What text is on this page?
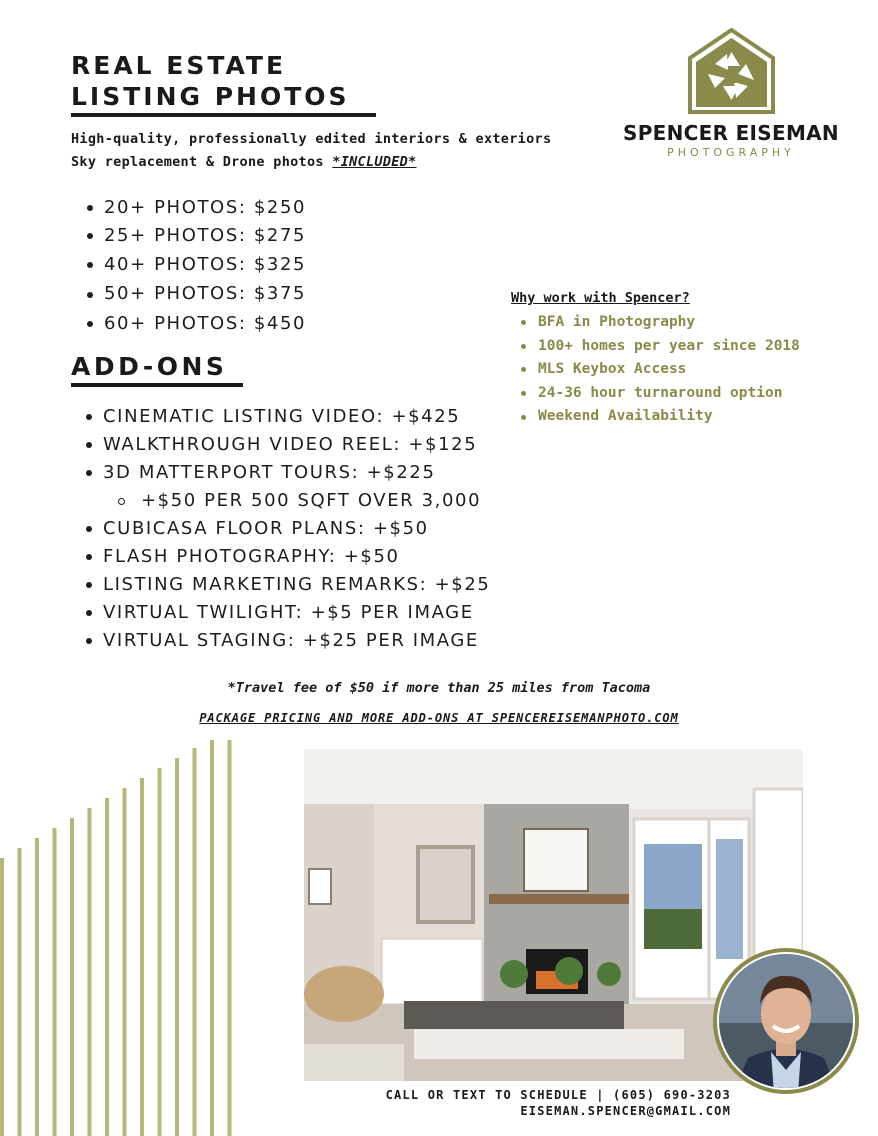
REAL ESTATE
LISTING PHOTOS
High-quality, professionally edited interiors & exteriors
Sky replacement & Drone photos *INCLUDED*
20+ PHOTOS: $250
25+ PHOTOS: $275
40+ PHOTOS: $325
50+ PHOTOS: $375
60+ PHOTOS: $450
ADD-ONS
CINEMATIC LISTING VIDEO: +$425
WALKTHROUGH VIDEO REEL: +$125
3D MATTERPORT TOURS: +$225
+$50 PER 500 SQFT OVER 3,000
CUBICASA FLOOR PLANS: +$50
FLASH PHOTOGRAPHY: +$50
LISTING MARKETING REMARKS: +$25
VIRTUAL TWILIGHT: +$5 PER IMAGE
VIRTUAL STAGING: +$25 PER IMAGE
Why work with Spencer?
BFA in Photography
100+ homes per year since 2018
MLS Keybox Access
24-36 hour turnaround option
Weekend Availability
SPENCER EISEMAN
PHOTOGRAPHY
*Travel fee of $50 if more than 25 miles from Tacoma
PACKAGE PRICING AND MORE ADD-ONS AT SPENCEREISEMANPHOTO.COM
CALL OR TEXT TO SCHEDULE | (605) 690-3203
EISEMAN.SPENCER@GMAIL.COM
